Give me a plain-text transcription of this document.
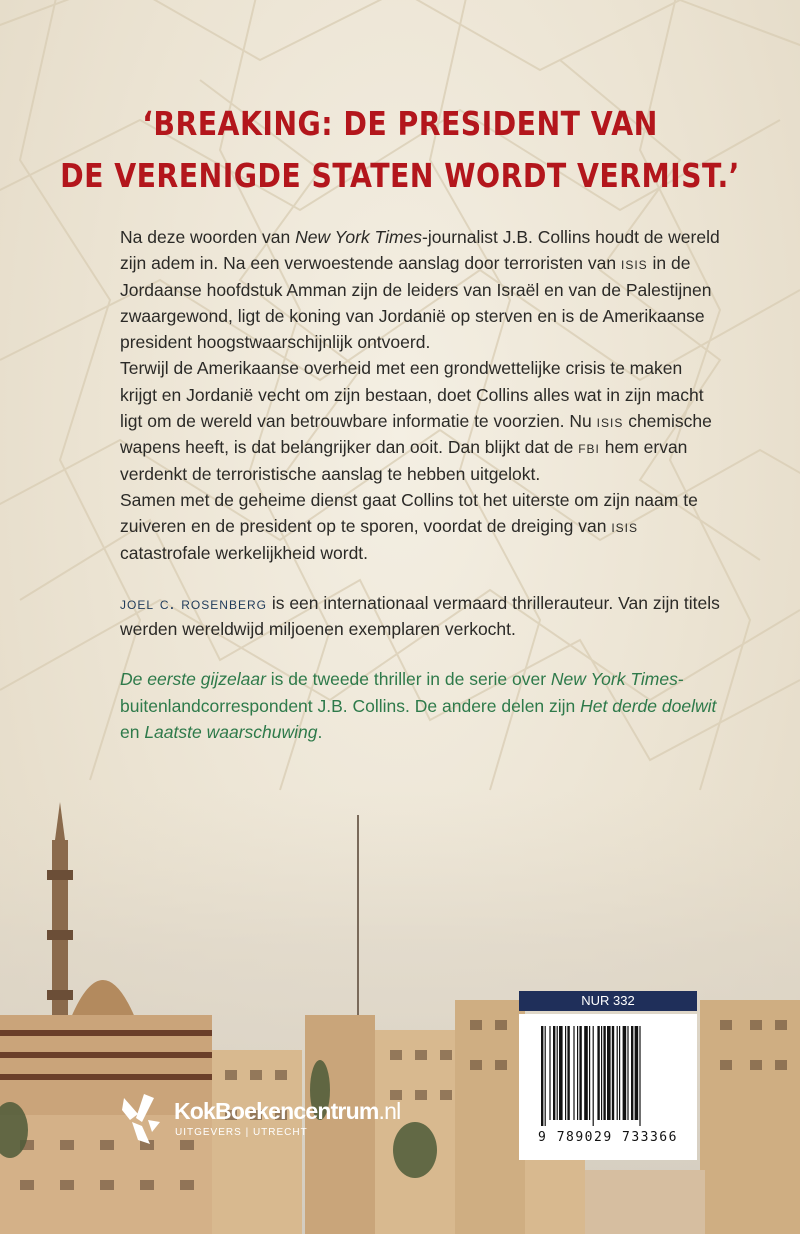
‘BREAKING: DE PRESIDENT VAN
DE VERENIGDE STATEN WORDT VERMIST.’

Na deze woorden van New York Times-journalist J.B. Collins houdt de wereld zijn adem in. Na een verwoestende aanslag door terroristen van isis in de Jordaanse hoofdstuk Amman zijn de leiders van Israël en van de Palestijnen zwaargewond, ligt de koning van Jordanië op sterven en is de Amerikaanse president hoogstwaarschijnlijk ontvoerd.

Terwijl de Amerikaanse overheid met een grondwettelijke crisis te maken krijgt en Jordanië vecht om zijn bestaan, doet Collins alles wat in zijn macht ligt om de wereld van betrouwbare informatie te voorzien. Nu isis chemische wapens heeft, is dat belangrijker dan ooit. Dan blijkt dat de fbi hem ervan verdenkt de terroristische aanslag te hebben uitgelokt.

Samen met de geheime dienst gaat Collins tot het uiterste om zijn naam te zuiveren en de president op te sporen, voordat de dreiging van isis catastrofale werkelijkheid wordt.

joel c. rosenberg is een internationaal vermaard thrillerauteur. Van zijn titels werden wereldwijd miljoenen exemplaren verkocht.

De eerste gijzelaar is de tweede thriller in de serie over New York Times-buitenlandcorrespondent J.B. Collins. De andere delen zijn Het derde doelwit en Laatste waarschuwing.

KokBoekencentrum.nl
UITGEVERS | UTRECHT
NUR 332
9 789029 733366
